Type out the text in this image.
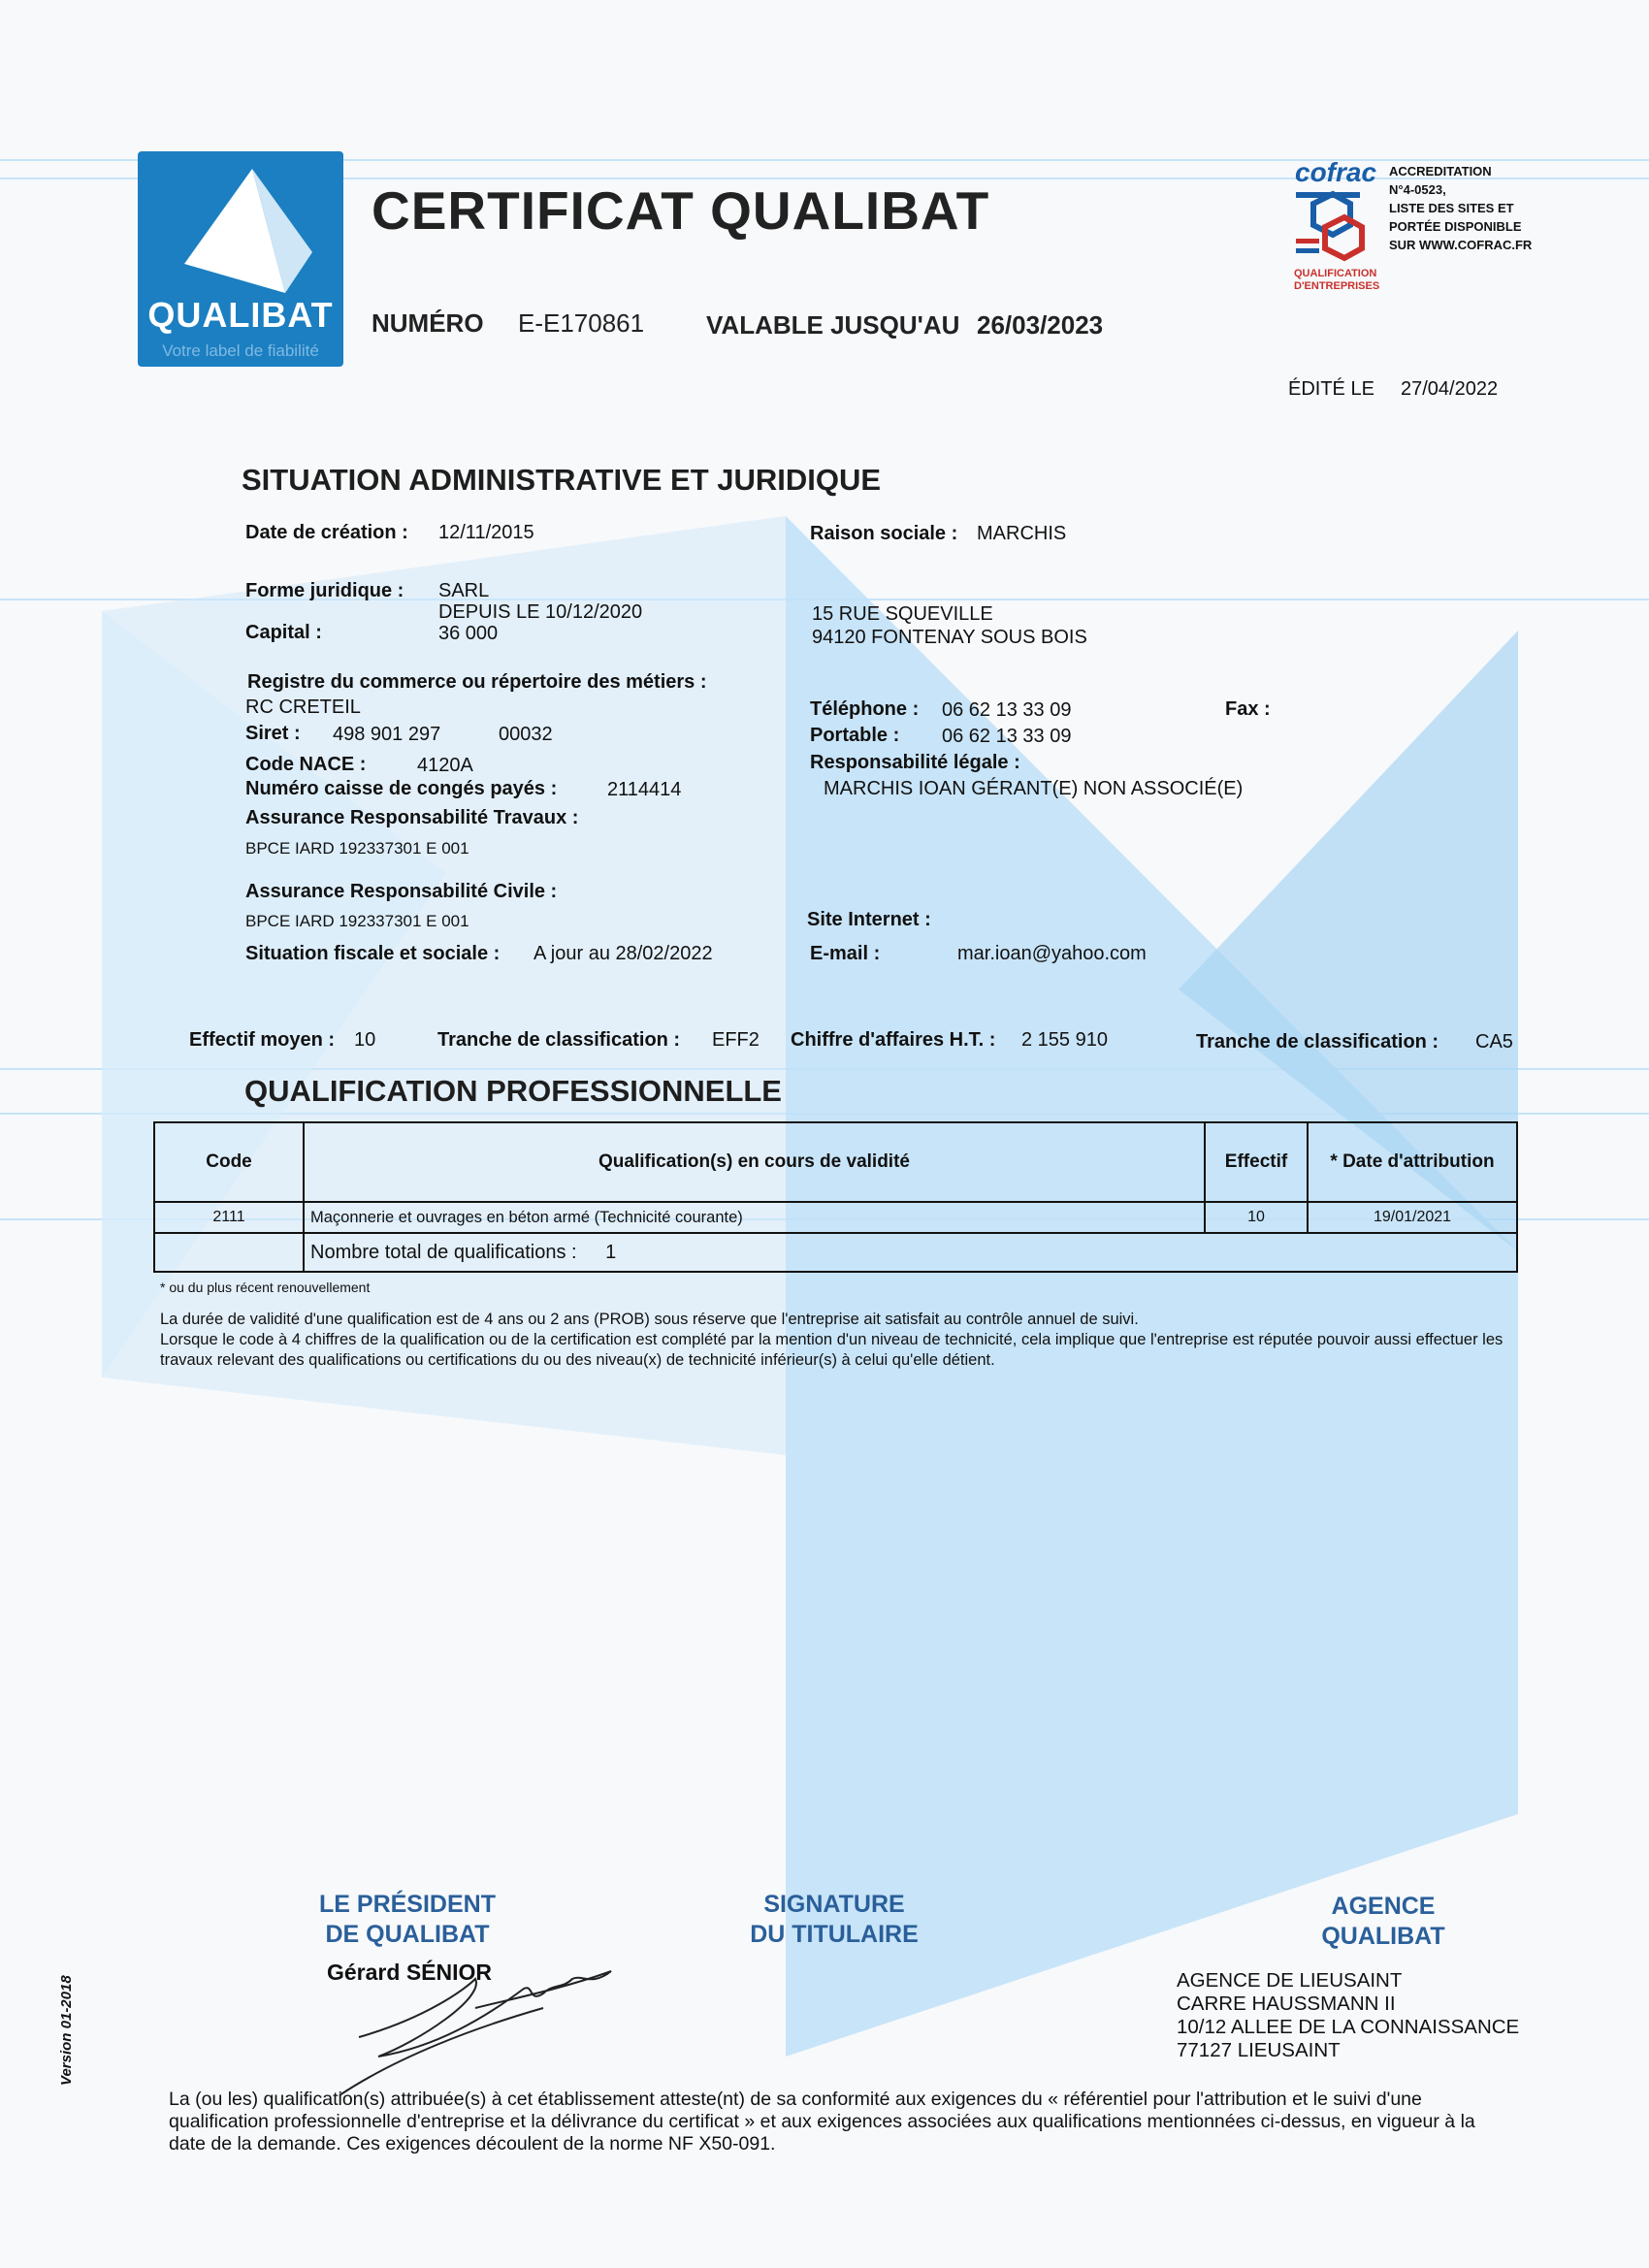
QUALIBAT
Votre label de fiabilité
CERTIFICAT QUALIBAT
NUMÉRO E-E170861 VALABLE JUSQU'AU 26/03/2023
ÉDITÉ LE 27/04/2022
cofrac
QUALIFICATION D'ENTREPRISES
ACCREDITATION
N°4-0523,
LISTE DES SITES ET
PORTÉE DISPONIBLE
SUR WWW.COFRAC.FR
SITUATION ADMINISTRATIVE ET JURIDIQUE
Date de création : 12/11/2015
Forme juridique : SARL
DEPUIS LE 10/12/2020
Capital :	36 000
Registre du commerce ou répertoire des métiers :
RC CRETEIL
Siret : 498 901 297	00032
Code NACE :	4120A
Numéro caisse de congés payés :	2114414
Assurance Responsabilité Travaux :
BPCE IARD 192337301 E 001
Assurance Responsabilité Civile :
BPCE IARD 192337301 E 001
Situation fiscale et sociale : A jour au 28/02/2022
Raison sociale : MARCHIS
15 RUE SQUEVILLE
94120 FONTENAY SOUS BOIS
Téléphone : 06 62 13 33 09	Fax :
Portable : 06 62 13 33 09
Responsabilité légale :
MARCHIS IOAN GÉRANT(E) NON ASSOCIÉ(E)
Site Internet :
E-mail :	mar.ioan@yahoo.com
Effectif moyen : 10	Tranche de classification : EFF2 Chiffre d'affaires H.T. : 2 155 910	Tranche de classification : CA5
QUALIFICATION PROFESSIONNELLE
Code	Qualification(s) en cours de validité	Effectif	* Date d'attribution
2111	Maçonnerie et ouvrages en béton armé (Technicité courante)	10	19/01/2021
	Nombre total de qualifications : 1		
* ou du plus récent renouvellement
La durée de validité d'une qualification est de 4 ans ou 2 ans (PROB) sous réserve que l'entreprise ait satisfait au contrôle annuel de suivi.
Lorsque le code à 4 chiffres de la qualification ou de la certification est complété par la mention d'un niveau de technicité, cela implique que l'entreprise est réputée pouvoir aussi effectuer les travaux relevant des qualifications ou certifications du ou des niveau(x) de technicité inférieur(s) à celui qu'elle détient.
LE PRÉSIDENT
DE QUALIBAT
Gérard SÉNIOR
SIGNATURE
DU TITULAIRE
AGENCE
QUALIBAT
AGENCE DE LIEUSAINT
CARRE HAUSSMANN II
10/12 ALLEE DE LA CONNAISSANCE
77127 LIEUSAINT
Version 01-2018
La (ou les) qualification(s) attribuée(s) à cet établissement atteste(nt) de sa conformité aux exigences du « référentiel pour l'attribution et le suivi d'une qualification professionnelle d'entreprise et la délivrance du certificat » et aux exigences associées aux qualifications mentionnées ci-dessus, en vigueur à la date de la demande. Ces exigences découlent de la norme NF X50-091.
